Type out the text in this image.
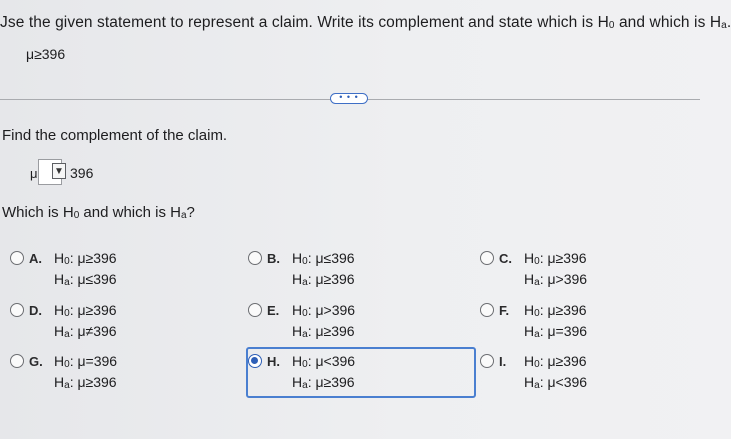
Jse the given statement to represent a claim. Write its complement and state which is $H_0$ and which is $H_a$.
μ≥396
• • •
Find the complement of the claim.
μ ▼ 396
Which is $H_0$ and which is $H_a$?
A. $H_0$: μ≥396
$H_a$: μ≤396
B. $H_0$: μ≤396
$H_a$: μ≥396
C. $H_0$: μ≥396
$H_a$: μ>396
D. $H_0$: μ≥396
$H_a$: μ≠396
E. $H_0$: μ>396
$H_a$: μ≥396
F. $H_0$: μ≥396
$H_a$: μ=396
G. $H_0$: μ=396
$H_a$: μ≥396
H. $H_0$: μ<396
$H_a$: μ≥396
I. $H_0$: μ≥396
$H_a$: μ<396
